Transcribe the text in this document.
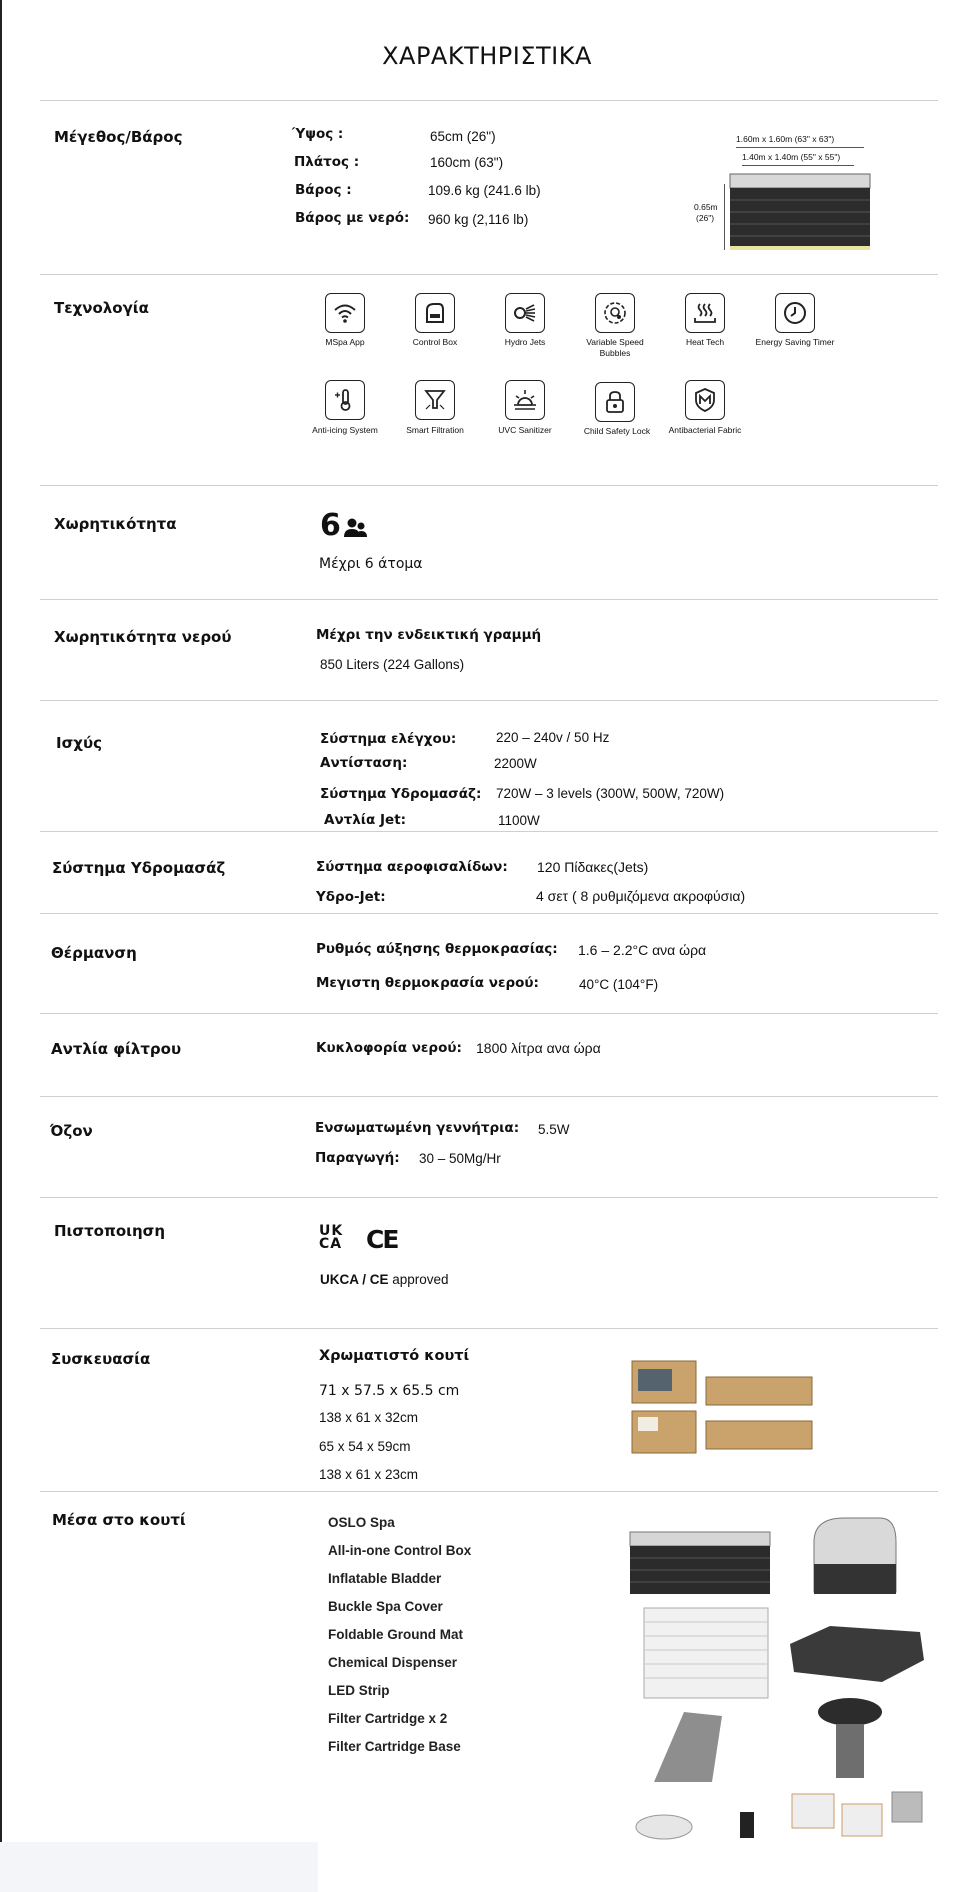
ΧΑΡΑΚΤΗΡΙΣΤΙΚΑ
Μέγεθος/Βάρος	Ύψος :	65cm (26")
Πλάτος :	160cm (63")
Βάρος :	109.6 kg (241.6 lb)
Βάρος με νερό: 960 kg (2,116 lb)
1.60m x 1.60m (63" x 63")
1.40m x 1.40m (55" x 55")
0.65m
(26")
Τεχνολογία
MSpa App	Control Box	Hydro Jets	Variable Speed Bubbles
Heat Tech	Energy Saving Timer
Anti-icing System	Smart Filtration	UVC Sanitizer	Child Safety Lock	Antibacterial Fabric
Χωρητικότητα	6
Μέχρι 6 άτομα
Χωρητικότητα νερού	Μέχρι την ενδεικτική γραμμή
850 Liters (224 Gallons)
Ισχύς	Σύστημα ελέγχου:	220 – 240v / 50 Hz
Αντίσταση:	2200W
Σύστημα Υδρομασάζ: 720W – 3 levels (300W, 500W, 720W)
Αντλία Jet:	1100W
Σύστημα Υδρομασάζ	Σύστημα αεροφισαλίδων: 120 Πίδακες(Jets)
Υδρο-Jet:	4 σετ ( 8 ρυθμιζόμενα ακροφύσια)
Θέρμανση	Ρυθμός αύξησης θερμοκρασίας: 1.6 – 2.2°C ανα ώρα
Μεγιστη θερμοκρασία νερού:	40°C (104°F)
Αντλία φίλτρου	Κυκλοφορία νερού: 1800 λίτρα ανα ώρα
Όζον	Ενσωματωμένη γεννήτρια: 5.5W
Παραγωγή: 30 – 50Mg/Hr
Πιστοποιηση	UK
CA CE
UKCA / CE approved
Συσκευασία	Χρωματιστό κουτί
71 x 57.5 x 65.5 cm
138 x 61 x 32cm
65 x 54 x 59cm
138 x 61 x 23cm
Μέσα στο κουτί	OSLO Spa
All-in-one Control Box
Inflatable Bladder
Buckle Spa Cover
Foldable Ground Mat
Chemical Dispenser
LED Strip
Filter Cartridge x 2
Filter Cartridge Base
